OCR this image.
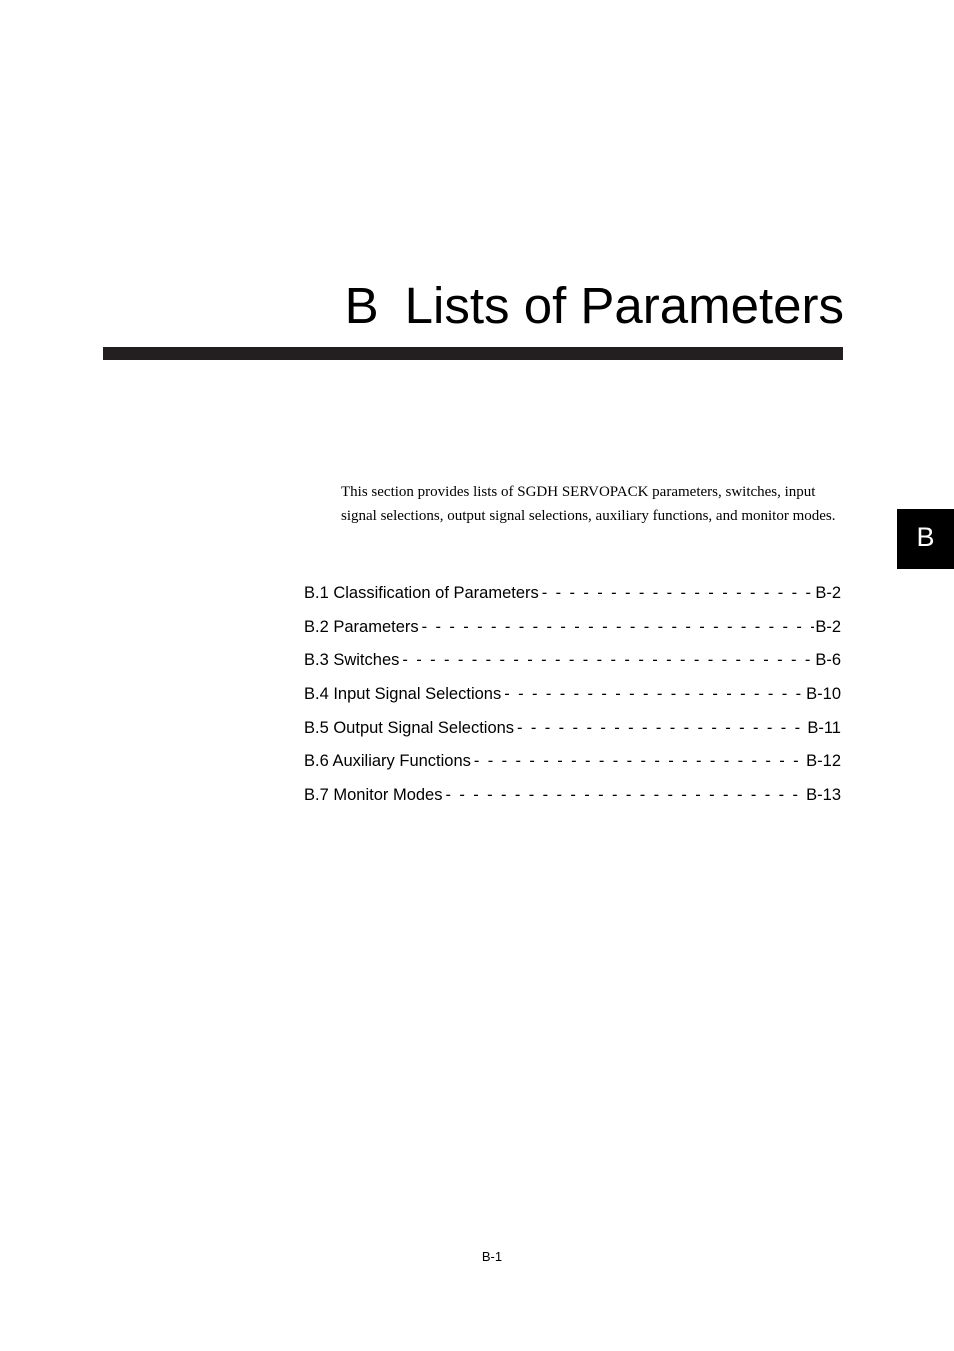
B Lists of Parameters
B

This section provides lists of SGDH SERVOPACK parameters, switches, input signal selections, output signal selections, auxiliary functions, and monitor modes.

B.1 Classification of Parameters - - -	B-2
B.2 Parameters - - -	B-2
B.3 Switches - - -	B-6
B.4 Input Signal Selections - - -	B-10
B.5 Output Signal Selections - - -	B-11
B.6 Auxiliary Functions - - -	B-12
B.7 Monitor Modes - - -	B-13
B-1
